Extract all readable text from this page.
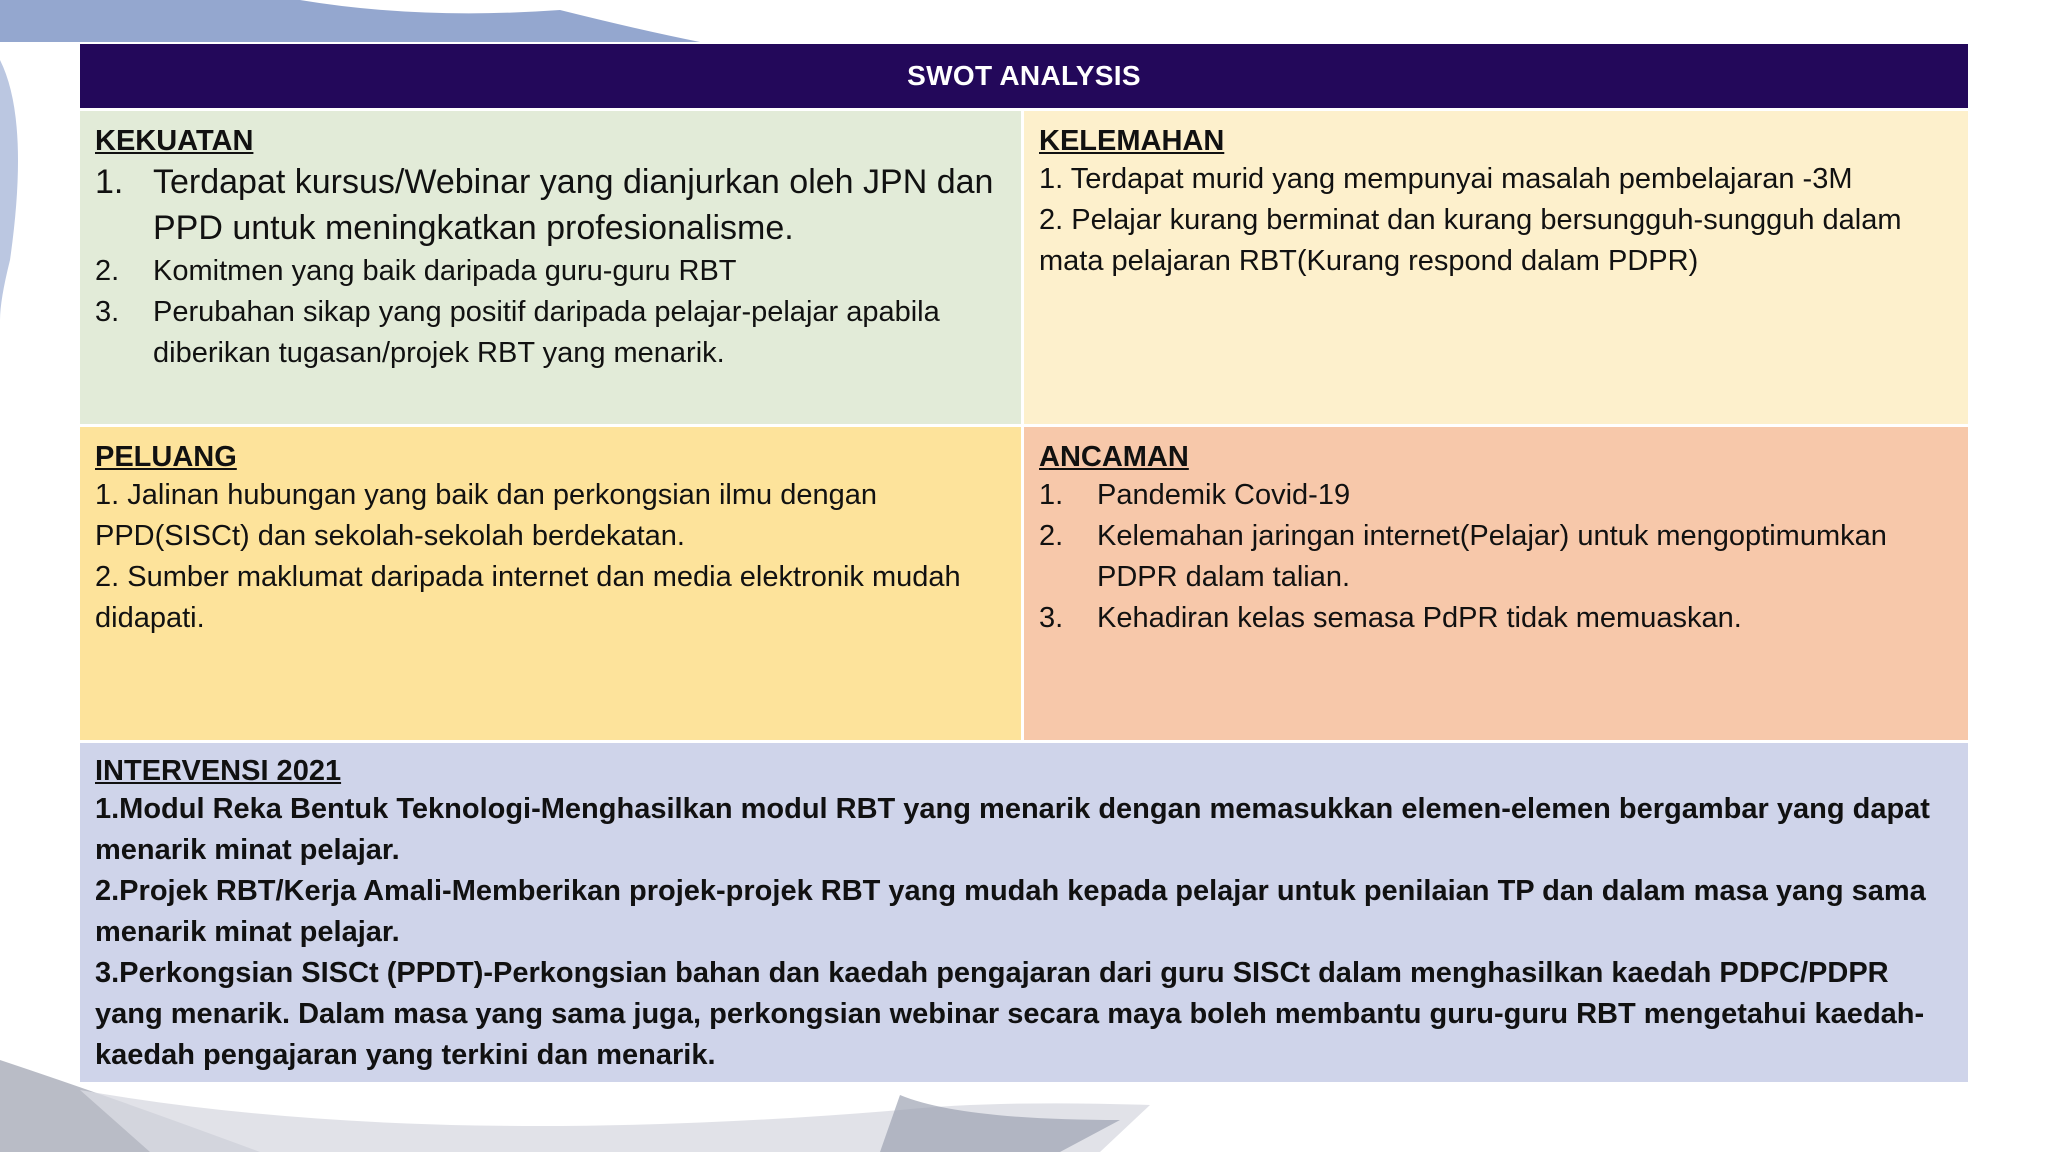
SWOT ANALYSIS
KEKUATAN
1. Terdapat kursus/Webinar yang dianjurkan oleh JPN dan PPD untuk meningkatkan profesionalisme.
2.	Komitmen yang baik daripada guru-guru RBT
3.	Perubahan sikap yang positif daripada pelajar-pelajar apabila diberikan tugasan/projek RBT yang menarik.
KELEMAHAN

1. Terdapat murid yang mempunyai masalah pembelajaran -3M

2. Pelajar kurang berminat dan kurang bersungguh-sungguh dalam mata pelajaran RBT(Kurang respond dalam PDPR)

PELUANG

1. Jalinan hubungan yang baik dan perkongsian ilmu dengan PPD(SISCt) dan sekolah-sekolah berdekatan.

2. Sumber maklumat daripada internet dan media elektronik mudah didapati.

ANCAMAN
1.	Pandemik Covid-19
2.	Kelemahan jaringan internet(Pelajar) untuk mengoptimumkan PDPR dalam talian.
3.	Kehadiran kelas semasa PdPR tidak memuaskan.
INTERVENSI 2021

1.Modul Reka Bentuk Teknologi-Menghasilkan modul RBT yang menarik dengan memasukkan elemen-elemen bergambar yang dapat menarik minat pelajar.

2.Projek RBT/Kerja Amali-Memberikan projek-projek RBT yang mudah kepada pelajar untuk penilaian TP dan dalam masa yang sama menarik minat pelajar.

3.Perkongsian SISCt (PPDT)-Perkongsian bahan dan kaedah pengajaran dari guru SISCt dalam menghasilkan kaedah PDPC/PDPR yang menarik. Dalam masa yang sama juga, perkongsian webinar secara maya boleh membantu guru-guru RBT mengetahui kaedah-kaedah pengajaran yang terkini dan menarik.
